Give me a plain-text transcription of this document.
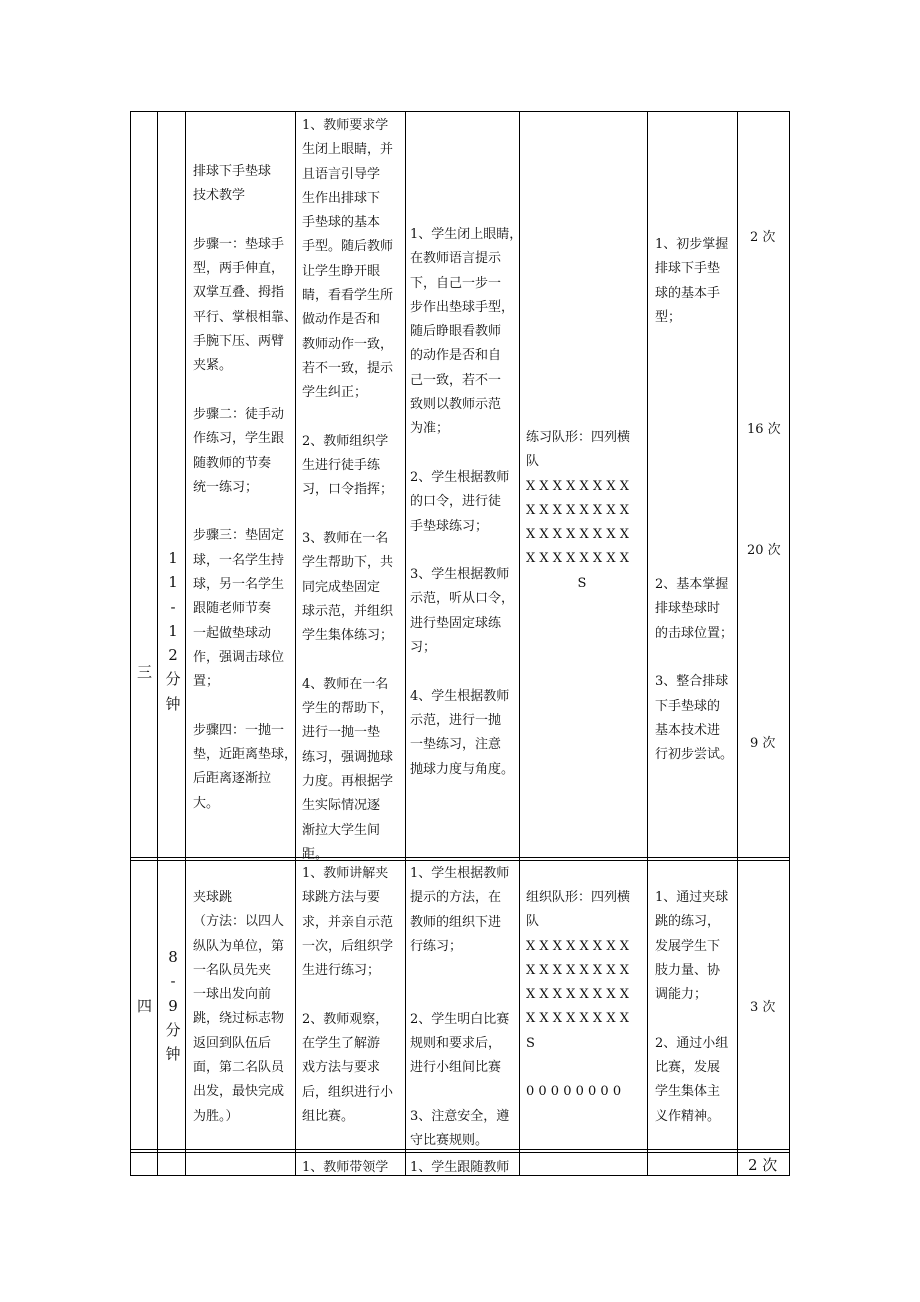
三
1
1
-
1
2
分
钟
排球下手垫球
技术教学
步骤一：垫球手
型，两手伸直，
双掌互叠、拇指
平行、掌根相靠、
手腕下压、两臂
夹紧。
步骤二：徒手动
作练习，学生跟
随教师的节奏
统一练习；
步骤三：垫固定
球，一名学生持
球，另一名学生
跟随老师节奏
一起做垫球动
作，强调击球位
置；
步骤四：一抛一
垫，近距离垫球，
后距离逐渐拉
大。
1、教师要求学
生闭上眼睛，并
且语言引导学
生作出排球下
手垫球的基本
手型。随后教师
让学生睁开眼
睛，看看学生所
做动作是否和
教师动作一致，
若不一致，提示
学生纠正；
2、教师组织学
生进行徒手练
习，口令指挥；
3、教师在一名
学生帮助下，共
同完成垫固定
球示范，并组织
学生集体练习；
4、教师在一名
学生的帮助下，
进行一抛一垫
练习，强调抛球
力度。再根据学
生实际情况逐
渐拉大学生间
距。
1、学生闭上眼睛，
在教师语言提示
下，自己一步一
步作出垫球手型，
随后睁眼看教师
的动作是否和自
己一致，若不一
致则以教师示范
为准；
2、学生根据教师
的口令，进行徒
手垫球练习；
3、学生根据教师
示范，听从口令，
进行垫固定球练
习；
4、学生根据教师
示范，进行一抛
一垫练习，注意
抛球力度与角度。
练习队形：四列横
队
X X X X X X X X
X X X X X X X X
X X X X X X X X
X X X X X X X X
S
1、初步掌握
排球下手垫
球的基本手
型；
2、基本掌握
排球垫球时
的击球位置；
3、整合排球
下手垫球的
基本技术进
行初步尝试。
2 次
16 次
20 次
9 次
四
8
-
9
分
钟
夹球跳
（方法：以四人
纵队为单位，第
一名队员先夹
一球出发向前
跳，绕过标志物
返回到队伍后
面，第二名队员
出发，最快完成
为胜。）
1、教师讲解夹
球跳方法与要
求，并亲自示范
一次，后组织学
生进行练习；
2、教师观察，
在学生了解游
戏方法与要求
后，组织进行小
组比赛。
1、学生根据教师
提示的方法，在
教师的组织下进
行练习；
2、学生明白比赛
规则和要求后，
进行小组间比赛
3、注意安全，遵
守比赛规则。
组织队形：四列横
队
X X X X X X X X
X X X X X X X X
X X X X X X X X
X X X X X X X X
S
0 0 0 0 0 0 0 0
1、通过夹球
跳的练习，
发展学生下
肢力量、协
调能力；
2、通过小组
比赛，发展
学生集体主
义作精神。
3 次
1、教师带领学 1、学生跟随教师	2 次
